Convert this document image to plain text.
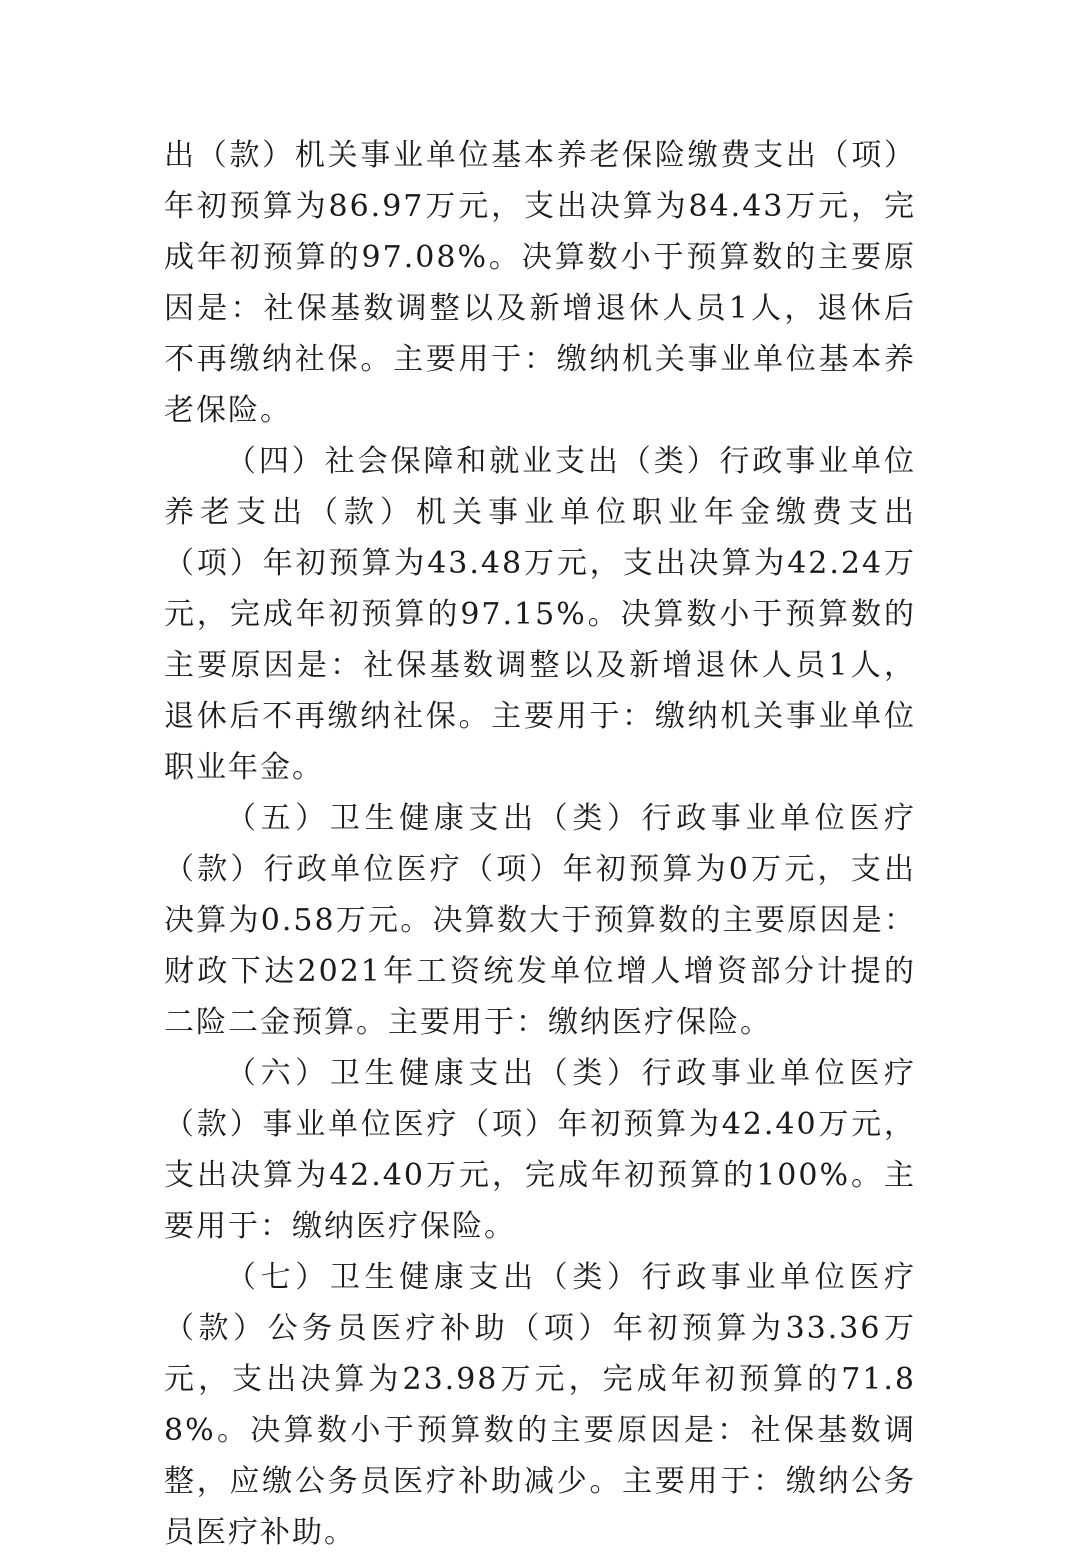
出（款）机关事业单位基本养老保险缴费支出（项）年初预算为86.97万元，支出决算为84.43万元，完成年初预算的97.08%。决算数小于预算数的主要原因是：社保基数调整以及新增退休人员1人，退休后不再缴纳社保。主要用于：缴纳机关事业单位基本养老保险。

（四）社会保障和就业支出（类）行政事业单位养老支出（款）机关事业单位职业年金缴费支出（项）年初预算为43.48万元，支出决算为42.24万元，完成年初预算的97.15%。决算数小于预算数的主要原因是：社保基数调整以及新增退休人员1人，退休后不再缴纳社保。主要用于：缴纳机关事业单位职业年金。

（五）卫生健康支出（类）行政事业单位医疗（款）行政单位医疗（项）年初预算为0万元，支出决算为0.58万元。决算数大于预算数的主要原因是：财政下达2021年工资统发单位增人增资部分计提的二险二金预算。主要用于：缴纳医疗保险。

（六）卫生健康支出（类）行政事业单位医疗（款）事业单位医疗（项）年初预算为42.40万元，支出决算为42.40万元，完成年初预算的100%。主要用于：缴纳医疗保险。

（七）卫生健康支出（类）行政事业单位医疗（款）公务员医疗补助（项）年初预算为33.36万元，支出决算为23.98万元，完成年初预算的71.88%。决算数小于预算数的主要原因是：社保基数调整，应缴公务员医疗补助减少。主要用于：缴纳公务员医疗补助。
